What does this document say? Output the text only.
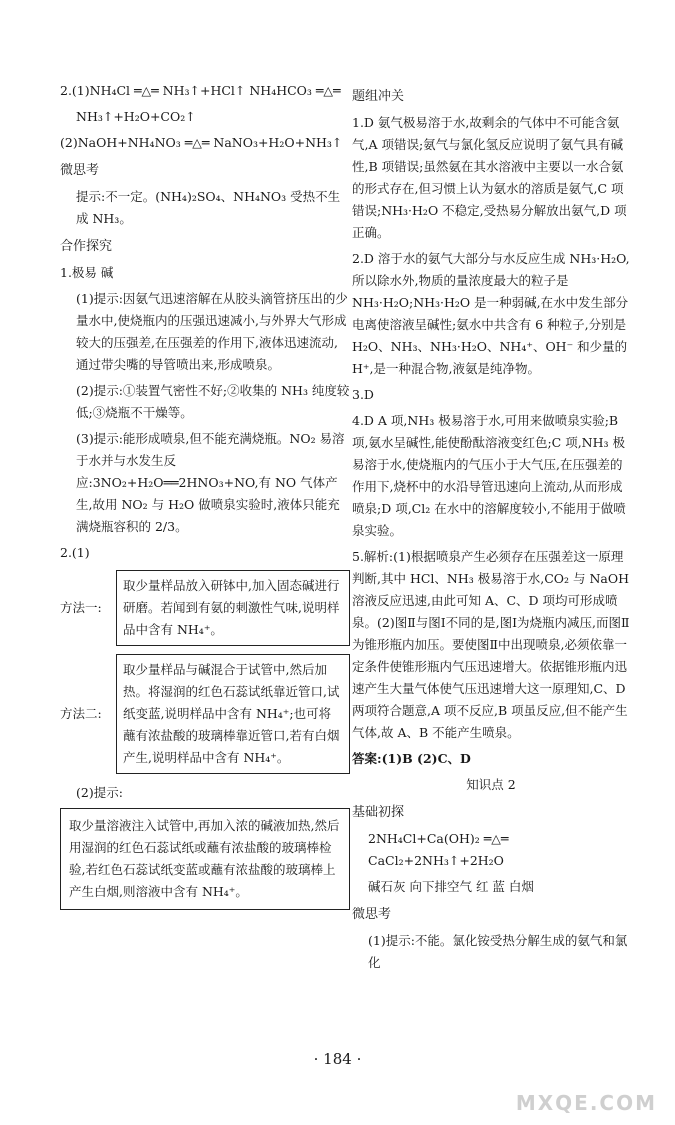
2.(1)NH₄Cl ═△═ NH₃↑+HCl↑ NH₄HCO₃ ═△═

NH₃↑+H₂O+CO₂↑

(2)NaOH+NH₄NO₃ ═△═ NaNO₃+H₂O+NH₃↑

微思考

提示:不一定。(NH₄)₂SO₄、NH₄NO₃ 受热不生成 NH₃。

合作探究

1.极易 碱

(1)提示:因氨气迅速溶解在从胶头滴管挤压出的少量水中,使烧瓶内的压强迅速减小,与外界大气形成较大的压强差,在压强差的作用下,液体迅速流动,通过带尖嘴的导管喷出来,形成喷泉。

(2)提示:①装置气密性不好;②收集的 NH₃ 纯度较低;③烧瓶不干燥等。

(3)提示:能形成喷泉,但不能充满烧瓶。NO₂ 易溶于水并与水发生反应:3NO₂+H₂O══2HNO₃+NO,有 NO 气体产生,故用 NO₂ 与 H₂O 做喷泉实验时,液体只能充满烧瓶容积的 2/3。

2.(1)

方法一:
取少量样品放入研钵中,加入固态碱进行研磨。若闻到有氨的刺激性气味,说明样品中含有 NH₄⁺。
方法二:
取少量样品与碱混合于试管中,然后加热。将湿润的红色石蕊试纸靠近管口,试纸变蓝,说明样品中含有 NH₄⁺;也可将蘸有浓盐酸的玻璃棒靠近管口,若有白烟产生,说明样品中含有 NH₄⁺。

(2)提示:

取少量溶液注入试管中,再加入浓的碱液加热,然后用湿润的红色石蕊试纸或蘸有浓盐酸的玻璃棒检验,若红色石蕊试纸变蓝或蘸有浓盐酸的玻璃棒上产生白烟,则溶液中含有 NH₄⁺。
题组冲关

1.D 氨气极易溶于水,故剩余的气体中不可能含氨气,A 项错误;氨气与氯化氢反应说明了氨气具有碱性,B 项错误;虽然氨在其水溶液中主要以一水合氨的形式存在,但习惯上认为氨水的溶质是氨气,C 项错误;NH₃·H₂O 不稳定,受热易分解放出氨气,D 项正确。

2.D 溶于水的氨气大部分与水反应生成 NH₃·H₂O,所以除水外,物质的量浓度最大的粒子是 NH₃·H₂O;NH₃·H₂O 是一种弱碱,在水中发生部分电离使溶液呈碱性;氨水中共含有 6 种粒子,分别是 H₂O、NH₃、NH₃·H₂O、NH₄⁺、OH⁻ 和少量的 H⁺,是一种混合物,液氨是纯净物。

3.D

4.D A 项,NH₃ 极易溶于水,可用来做喷泉实验;B 项,氨水呈碱性,能使酚酞溶液变红色;C 项,NH₃ 极易溶于水,使烧瓶内的气压小于大气压,在压强差的作用下,烧杯中的水沿导管迅速向上流动,从而形成喷泉;D 项,Cl₂ 在水中的溶解度较小,不能用于做喷泉实验。

5.解析:(1)根据喷泉产生必须存在压强差这一原理判断,其中 HCl、NH₃ 极易溶于水,CO₂ 与 NaOH 溶液反应迅速,由此可知 A、C、D 项均可形成喷泉。(2)图Ⅱ与图Ⅰ不同的是,图Ⅰ为烧瓶内减压,而图Ⅱ为锥形瓶内加压。要使图Ⅱ中出现喷泉,必须依靠一定条件使锥形瓶内气压迅速增大。依据锥形瓶内迅速产生大量气体使气压迅速增大这一原理知,C、D 两项符合题意,A 项不反应,B 项虽反应,但不能产生气体,故 A、B 不能产生喷泉。

答案:(1)B (2)C、D

知识点 2

基础初探

2NH₄Cl+Ca(OH)₂ ═△═ CaCl₂+2NH₃↑+2H₂O

碱石灰 向下排空气 红 蓝 白烟

微思考

(1)提示:不能。氯化铵受热分解生成的氨气和氯化

· 184 ·
MXQE.COM
